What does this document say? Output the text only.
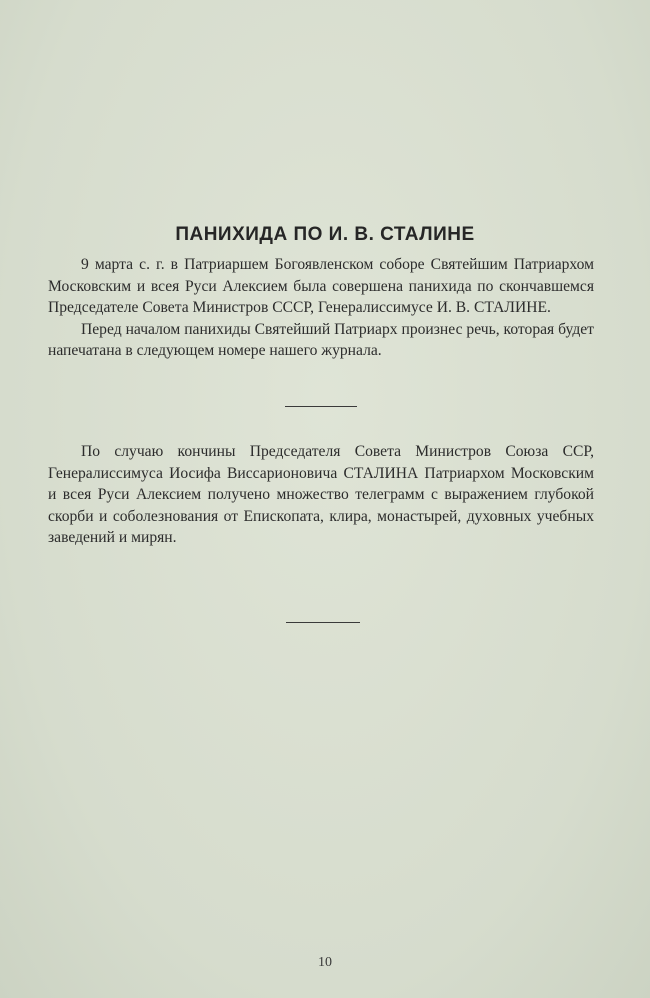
ПАНИХИДА ПО И. В. СТАЛИНЕ

9 марта с. г. в Патриаршем Богоявленском соборе Святейшим Патриархом Московским и всея Руси Алексием была совершена панихида по скончавшемся Председателе Совета Министров СССР, Генералиссимусе И. В. СТАЛИНЕ.

Перед началом панихиды Святейший Патриарх произнес речь, которая будет напечатана в следующем номере нашего журнала.

По случаю кончины Председателя Совета Министров Союза ССР, Генералиссимуса Иосифа Виссарионовича СТАЛИНА Патриархом Московским и всея Руси Алексием получено множество телеграмм с выражением глубокой скорби и соболезнования от Епископата, клира, монастырей, духовных учебных заведений и мирян.

10
